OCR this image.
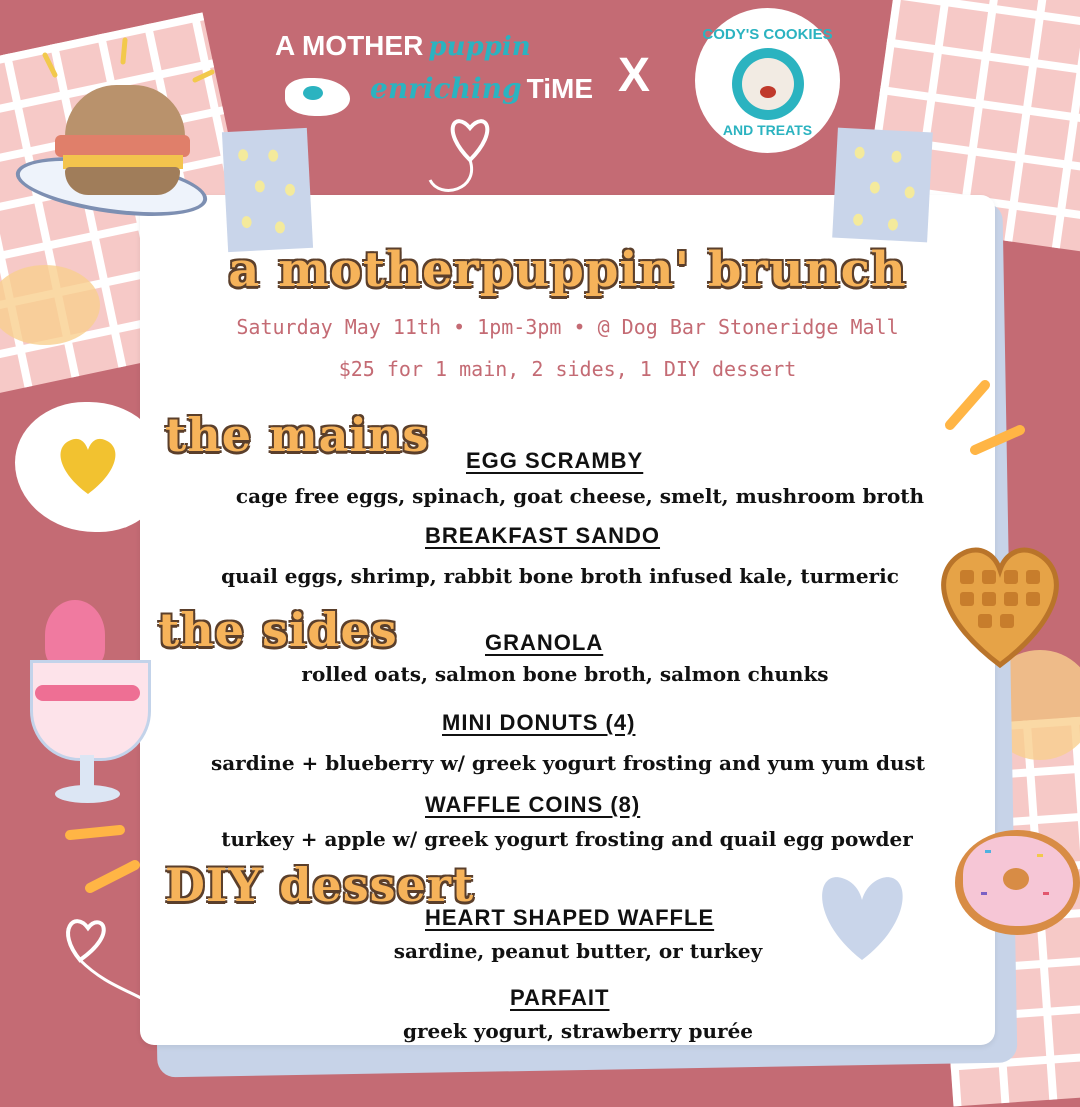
A MOTHER puppin
enriching TiME X
CODY'S COOKIES
AND TREATS
a motherpuppin' brunch
Saturday May 11th • 1pm-3pm • @ Dog Bar Stoneridge Mall
$25 for 1 main, 2 sides, 1 DIY dessert
the mains EGG SCRAMBY
cage free eggs, spinach, goat cheese, smelt, mushroom broth
BREAKFAST SANDO
quail eggs, shrimp, rabbit bone broth infused kale, turmeric
the sides	GRANOLA
rolled oats, salmon bone broth, salmon chunks
MINI DONUTS (4)
sardine + blueberry w/ greek yogurt frosting and yum yum dust
WAFFLE COINS (8)
turkey + apple w/ greek yogurt frosting and quail egg powder
DIY dessert
HEART SHAPED WAFFLE
sardine, peanut butter, or turkey
PARFAIT
greek yogurt, strawberry purée
